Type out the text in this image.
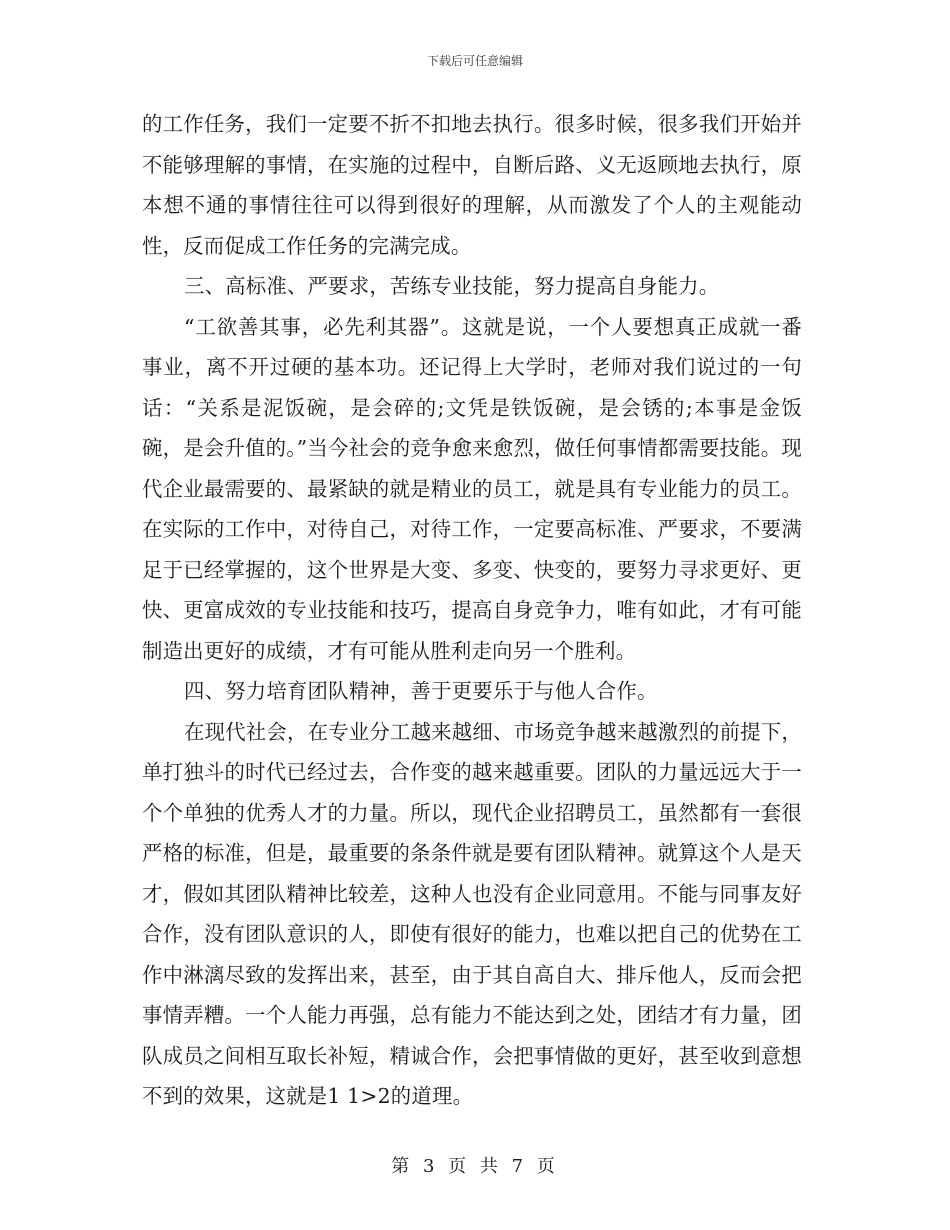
下载后可任意编辑

的工作任务，我们一定要不折不扣地去执行。很多时候，很多我们开始并不能够理解的事情，在实施的过程中，自断后路、义无返顾地去执行，原本想不通的事情往往可以得到很好的理解，从而激发了个人的主观能动性，反而促成工作任务的完满完成。

三、高标准、严要求，苦练专业技能，努力提高自身能力。

“工欲善其事，必先利其器”。这就是说，一个人要想真正成就一番事业，离不开过硬的基本功。还记得上大学时，老师对我们说过的一句话：“关系是泥饭碗，是会碎的;文凭是铁饭碗，是会锈的;本事是金饭碗，是会升值的。”当今社会的竞争愈来愈烈，做任何事情都需要技能。现代企业最需要的、最紧缺的就是精业的员工，就是具有专业能力的员工。在实际的工作中，对待自己，对待工作，一定要高标准、严要求，不要满足于已经掌握的，这个世界是大变、多变、快变的，要努力寻求更好、更快、更富成效的专业技能和技巧，提高自身竞争力，唯有如此，才有可能制造出更好的成绩，才有可能从胜利走向另一个胜利。

四、努力培育团队精神，善于更要乐于与他人合作。

在现代社会，在专业分工越来越细、市场竞争越来越激烈的前提下，单打独斗的时代已经过去，合作变的越来越重要。团队的力量远远大于一个个单独的优秀人才的力量。所以，现代企业招聘员工，虽然都有一套很严格的标准，但是，最重要的条条件就是要有团队精神。就算这个人是天才，假如其团队精神比较差，这种人也没有企业同意用。不能与同事友好合作，没有团队意识的人，即使有很好的能力，也难以把自己的优势在工作中淋漓尽致的发挥出来，甚至，由于其自高自大、排斥他人，反而会把事情弄糟。一个人能力再强，总有能力不能达到之处，团结才有力量，团队成员之间相互取长补短，精诚合作，会把事情做的更好，甚至收到意想不到的效果，这就是1 1>2的道理。

第 3 页 共 7 页
